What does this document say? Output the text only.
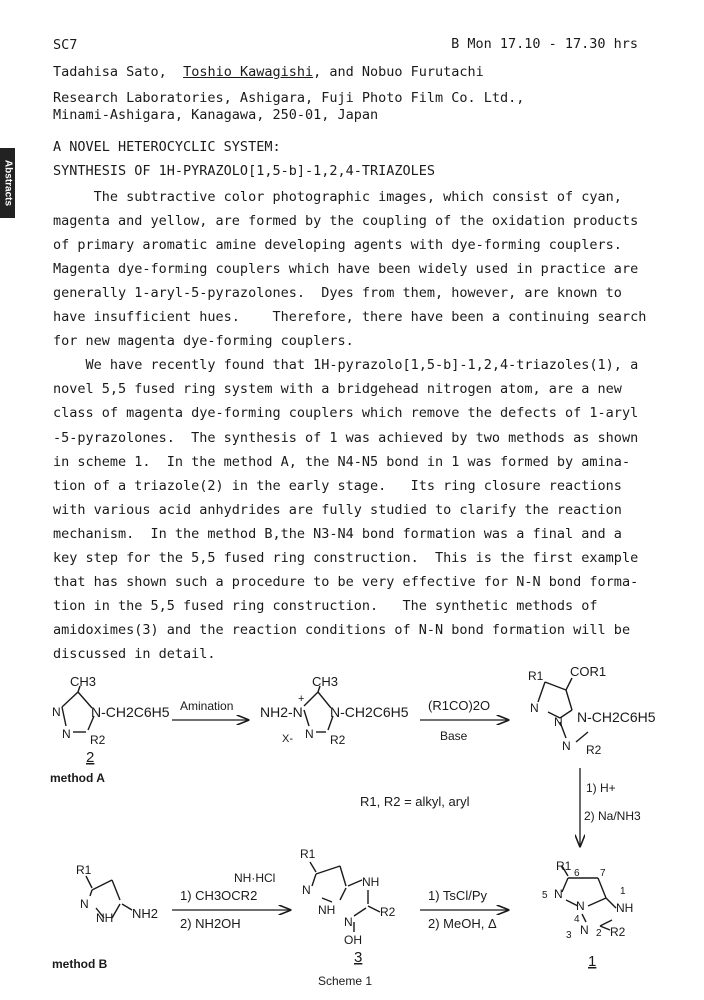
Abstracts
SC7	B Mon 17.10 - 17.30 hrs
Tadahisa Sato, Toshio Kawagishi, and Nobuo Furutachi
Research Laboratories, Ashigara, Fuji Photo Film Co. Ltd.,
Minami-Ashigara, Kanagawa, 250-01, Japan
A NOVEL HETEROCYCLIC SYSTEM:
SYNTHESIS OF 1H-PYRAZOLO[1,5-b]-1,2,4-TRIAZOLES
The subtractive color photographic images, which consist of cyan,
magenta and yellow, are formed by the coupling of the oxidation products
of primary aromatic amine developing agents with dye-forming couplers.
Magenta dye-forming couplers which have been widely used in practice are
generally 1-aryl-5-pyrazolones.  Dyes from them, however, are known to
have insufficient hues.    Therefore, there have been a continuing search
for new magenta dye-forming couplers.
We have recently found that 1H-pyrazolo[1,5-b]-1,2,4-triazoles(1), a
novel 5,5 fused ring system with a bridgehead nitrogen atom, are a new
class of magenta dye-forming couplers which remove the defects of 1-aryl
-5-pyrazolones.  The synthesis of 1 was achieved by two methods as shown
in scheme 1.  In the method A, the N4-N5 bond in 1 was formed by amina-
tion of a triazole(2) in the early stage.   Its ring closure reactions
with various acid anhydrides are fully studied to clarify the reaction
mechanism.  In the method B,the N3-N4 bond formation was a final and a
key step for the 5,5 fused ring construction.  This is the first example
that has shown such a procedure to be very effective for N-N bond forma-
tion in the 5,5 fused ring construction.   The synthetic methods of
amidoximes(3) and the reaction conditions of N-N bond formation will be
discussed in detail.
CH3
N
N
N-CH2C6H5
R2
2
method A
Amination NH2-N
+
CH3
N-CH2C6H5
X- N R2
(R1CO)2O
Base
R1 COR1
N
N N-CH2C6H5
N R2
1) H+
2) Na/NH3
R1, R2 = alkyl, aryl
R1
N
NH NH2
method B
NH·HCl
1) CH3OCR2
2) NH2OH
R1
N
NH
NH
N
R2
OH
3
Scheme 1
1) TsCl/Py
2) MeOH, Δ
R1
6 7
5 N
N
4
1
NH
N
3 2 R2
1
